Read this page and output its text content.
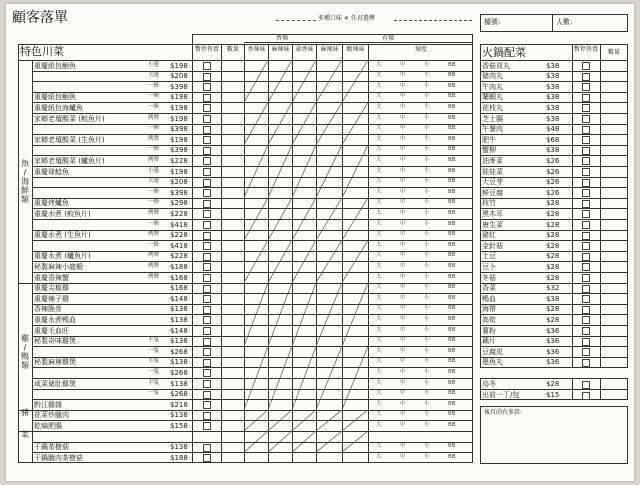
顧客落單	多種口味 ✕ 任君選擇	檯號:	人數:
特色川菜
香辣	有辣
暫停售賣	數量	香辣味 麻辣味 蒜香味	麻辣味	酸辣味	辣度
重慶紙包鮰魚	小邊 $198	大	中	小	BB
大邊 $208	大	中	小	BB
一條 $398	大	中	小	BB
重慶紙包鮰魚	一條 $198	大	中	小	BB
重慶紙包海鱸魚	一條 $198	大	中	小	BB
家鄉老壇酸菜 (鯇魚片)	例牌 $198	大	中	小	BB
一條 $398	大	中	小	BB
家鄉老壇酸菜 (生魚片)	例牌 $198	大	中	小	BB
一條 $398	大	中	小	BB
家鄉老壇酸菜 (鱸魚片)	例牌 $228	大	中	小	BB
重慶球鯰魚	小邊 $198	大	中	小	BB
大邊 $208	大	中	小	BB
一條 $398	大	中	小	BB
重慶烤鱸魚	一條 $298	大	中	小	BB
重慶水煮 (鯇魚片)	例牌 $228	大	中	小	BB
一條 $418	大	中	小	BB
重慶水煮 (生魚片)	例牌 $228	大	中	小	BB
一條 $418	大	中	小	BB
重慶水煮 (鱸魚片)	例牌 $228	大	中	小	BB
秘製麻辣小龍蝦	例牌 $188	大	中	小	BB
重慶香辣蟹	例牌 $168	大	中	小	BB
重慶尖椒雞	$168	大	中	小	BB
重慶辣子雞	$148	大	中	小	BB
香辣脆骨	$138	大	中	小	BB
重慶水煮鴨血	$138	大	中	小	BB
重慶毛血旺	$148	大	中	小	BB
秘製奇味雞煲	半隻 $138	大	中	小	BB
一隻 $268	大	中	小	BB
秘製麻辣雞煲	半隻 $138	大	中	小	BB
一隻 $268	大	中	小	BB
咸菜豬肚雞煲	半隻 $138	大	中	小	BB
一隻 $268	大	中	小	BB
黔江雞雜	$218	大	中	小	BB
花菜炒臘肉	$138	大	中	小	BB
乾煸肥腸	$158	大	中	小	BB
干鍋茶樹菇	$138	大	中	小	BB
干鍋臘肉茶樹菇	$188	大	中	小	BB
魚 / 海鮮類
雞 / 鴨類
豬
菜
火鍋配菜	暫停售賣	數量
香菇貢丸	$38
豬肉丸	$38
牛肉丸	$38
蘭蝦丸	$38
花枝丸	$38
芝士腸	$38
午餐肉	$48
肥牛	$68
蟹柳	$38
油麥菜	$26
娃娃菜	$26
大豆芽	$26
鮮豆腐	$26
枝竹	$28
黑木耳	$28
唐生菜	$28
豬紅	$28
金針菇	$28
土豆	$28
豆卜	$28
冬菇	$28
香菜	$32
鴨血	$38
海帶	$28
高筍	$28
薯粉	$36
藕片	$36
豆腐皮	$36
墨魚丸	$36
烏冬	$28
出前一丁/包	$15
後頁尚有多款:
